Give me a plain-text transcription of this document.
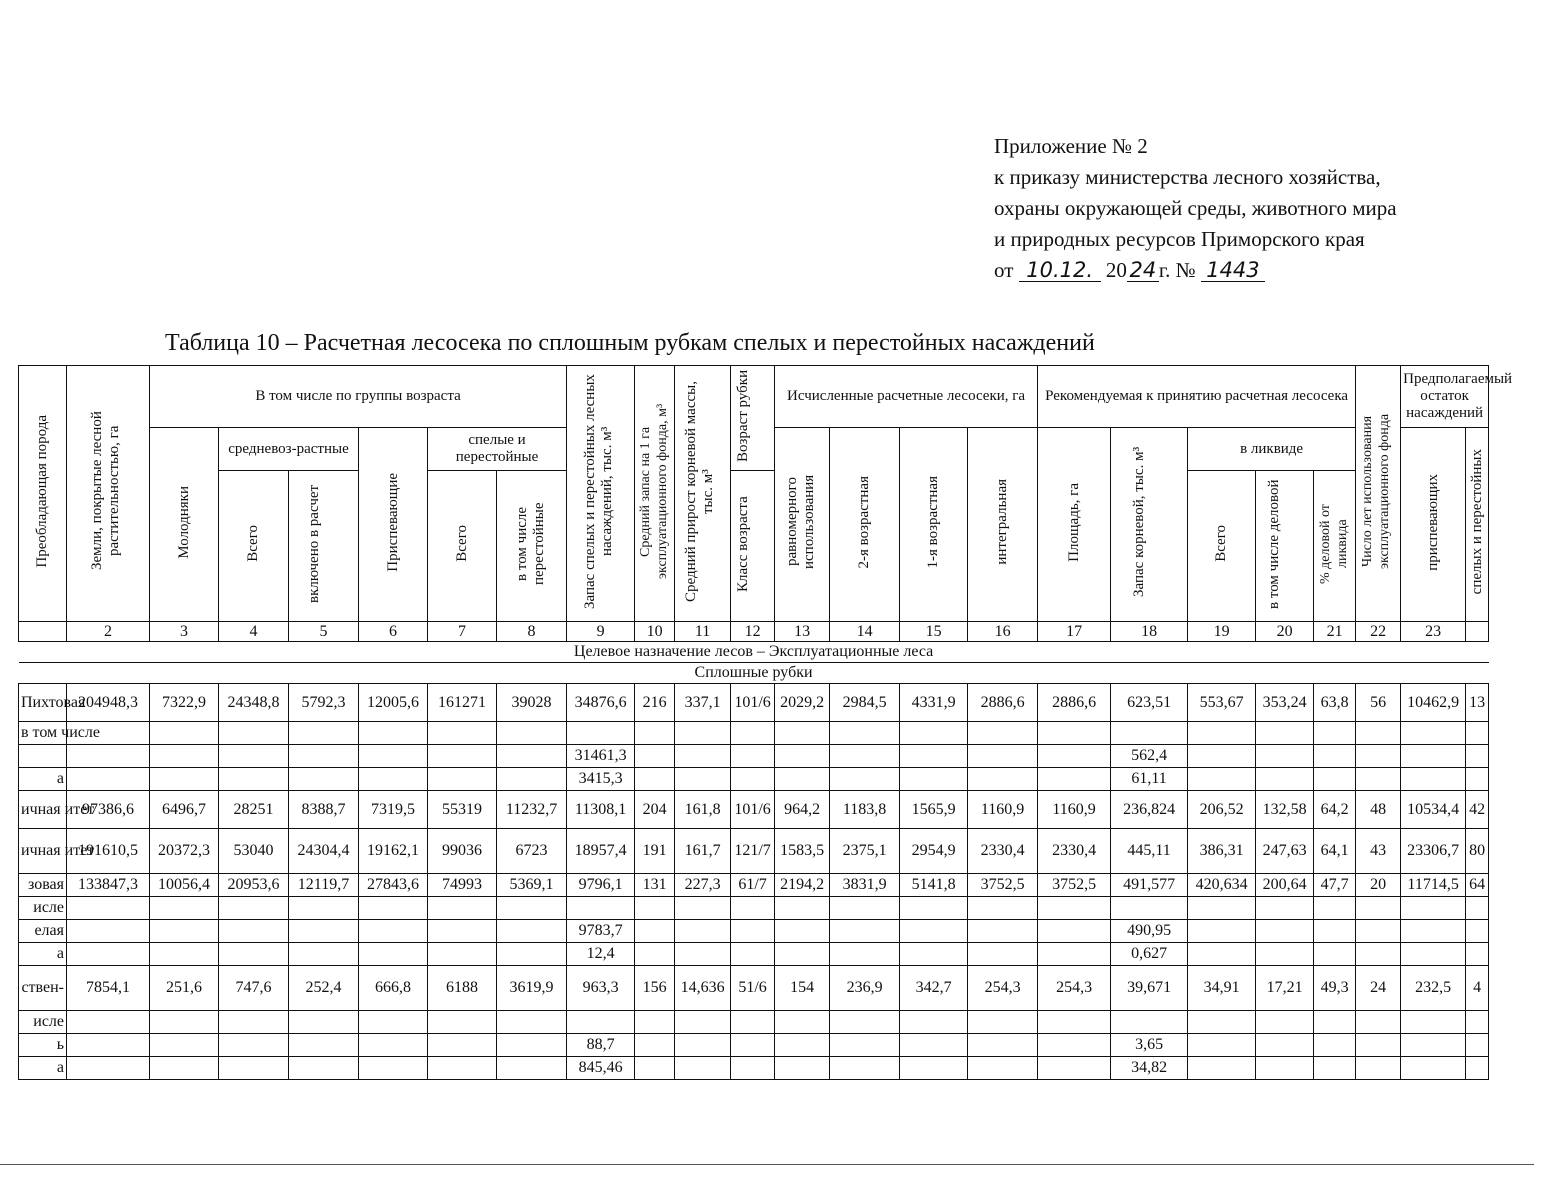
Приложение № 2
к приказу министерства лесного хозяйства,
охраны окружающей среды, животного мира
и природных ресурсов Приморского края
от 10.12. 20 24 г. № 1443
Таблица 10 – Расчетная лесосека по сплошным рубкам спелых и перестойных насаждений
Преобладающая порода	Земли, покрытые лесной растительностью, га	В том числе по группы возраста						Запас спелых и перестойных лесных насаждений, тыс. м³	Средний запас на 1 га эксплуатационного фонда, м³	Средний прирост корневой массы, тыс. м³	Возраст рубки	Исчисленные расчетные лесосеки, га				Рекомендуемая к принятию расчетная лесосека					Число лет использования эксплуатационного фонда	Предполагаемый остаток насаждений	
		Молодняки	средневоз-растные		Приспевающие	спелые и перестойные						равномерного использования	2-я возрастная	1-я возрастная	интегральная	Площадь, га	Запас корневой, тыс. м³	в ликвиде				приспевающих	спелых и перестойных
			Всего	включено в расчет		Всего	в том числе перестойные				Класс возраста							Всего	в том числе деловой	% деловой от ликвида			
	2	3	4	5	6	7	8	9	10	11	12	13	14	15	16	17	18	19	20	21	22	23	
Целевое назначение лесов – Эксплуатационные леса																							
Сплошные рубки																							
Пихтовая	204948,3	7322,9	24348,8	5792,3	12005,6	161271	39028	34876,6	216	337,1	101/6	2029,2	2984,5	4331,9	2886,6	2886,6	623,51	553,67	353,24	63,8	56	10462,9	13
в том числе																							
								31461,3									562,4						
а								3415,3									61,11						
ичная итет	97386,6	6496,7	28251	8388,7	7319,5	55319	11232,7	11308,1	204	161,8	101/6	964,2	1183,8	1565,9	1160,9	1160,9	236,824	206,52	132,58	64,2	48	10534,4	42
ичная итет	191610,5	20372,3	53040	24304,4	19162,1	99036	6723	18957,4	191	161,7	121/7	1583,5	2375,1	2954,9	2330,4	2330,4	445,11	386,31	247,63	64,1	43	23306,7	80
зовая	133847,3	10056,4	20953,6	12119,7	27843,6	74993	5369,1	9796,1	131	227,3	61/7	2194,2	3831,9	5141,8	3752,5	3752,5	491,577	420,634	200,64	47,7	20	11714,5	64
исле																							
елая								9783,7									490,95						
а								12,4									0,627						
ствен-	7854,1	251,6	747,6	252,4	666,8	6188	3619,9	963,3	156	14,636	51/6	154	236,9	342,7	254,3	254,3	39,671	34,91	17,21	49,3	24	232,5	4
исле																							
ь								88,7									3,65						
а								845,46									34,82						
